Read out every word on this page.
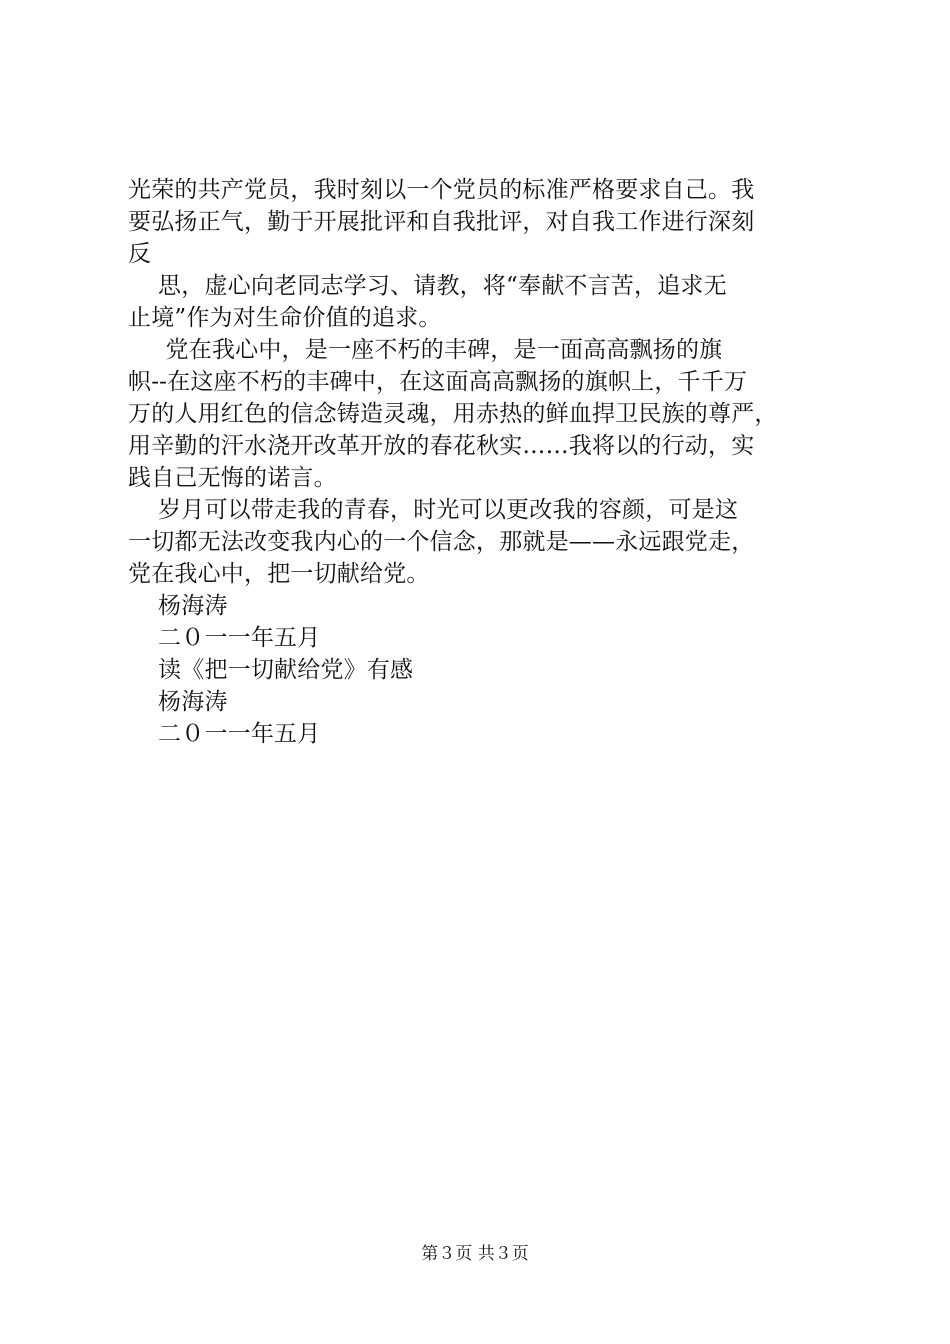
光荣的共产党员，我时刻以一个党员的标准严格要求自己。我
要弘扬正气，勤于开展批评和自我批评，对自我工作进行深刻
反
思，虚心向老同志学习、请教，将“奉献不言苦，追求无
止境”作为对生命价值的追求。
党在我心中，是一座不朽的丰碑，是一面高高飘扬的旗
帜--在这座不朽的丰碑中，在这面高高飘扬的旗帜上，千千万
万的人用红色的信念铸造灵魂，用赤热的鲜血捍卫民族的尊严，
用辛勤的汗水浇开改革开放的春花秋实……我将以的行动，实
践自己无悔的诺言。
岁月可以带走我的青春，时光可以更改我的容颜，可是这
一切都无法改变我内心的一个信念，那就是——永远跟党走，
党在我心中，把一切献给党。
杨海涛
二０一一年五月
读《把一切献给党》有感
杨海涛
二０一一年五月
第３页 共３页
